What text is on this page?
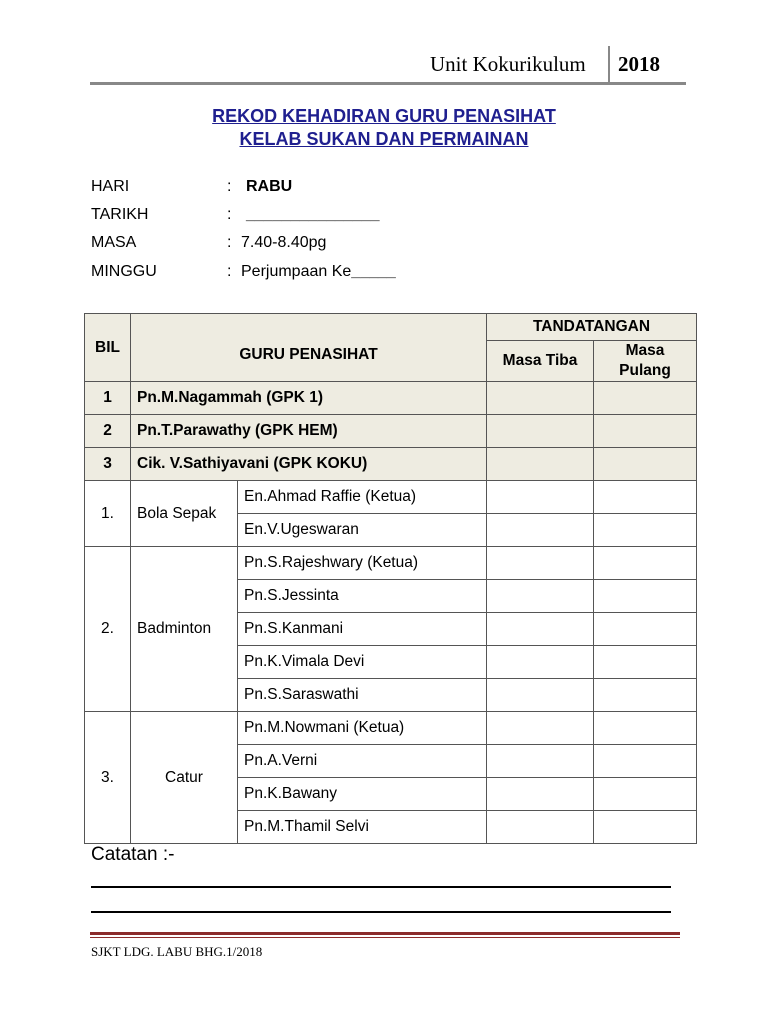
Unit Kokurikulum 2018
REKOD KEHADIRAN GURU PENASIHAT
KELAB SUKAN DAN PERMAINAN
HARI	: RABU
TARIKH	: _______________
MASA	: 7.40-8.40pg
MINGGU	: Perjumpaan Ke_____
BIL	GURU PENASIHAT		TANDATANGAN	
			Masa Tiba	Masa Pulang
1	Pn.M.Nagammah (GPK 1)			
2	Pn.T.Parawathy (GPK HEM)			
3	Cik. V.Sathiyavani (GPK KOKU)			
1.	Bola Sepak	En.Ahmad Raffie (Ketua)		
		En.V.Ugeswaran		
2.	Badminton	Pn.S.Rajeshwary (Ketua)		
		Pn.S.Jessinta		
		Pn.S.Kanmani		
		Pn.K.Vimala Devi		
		Pn.S.Saraswathi		
3.	Catur	Pn.M.Nowmani (Ketua)		
		Pn.A.Verni		
		Pn.K.Bawany		
		Pn.M.Thamil Selvi		
Catatan :-
SJKT LDG. LABU BHG.1/2018
